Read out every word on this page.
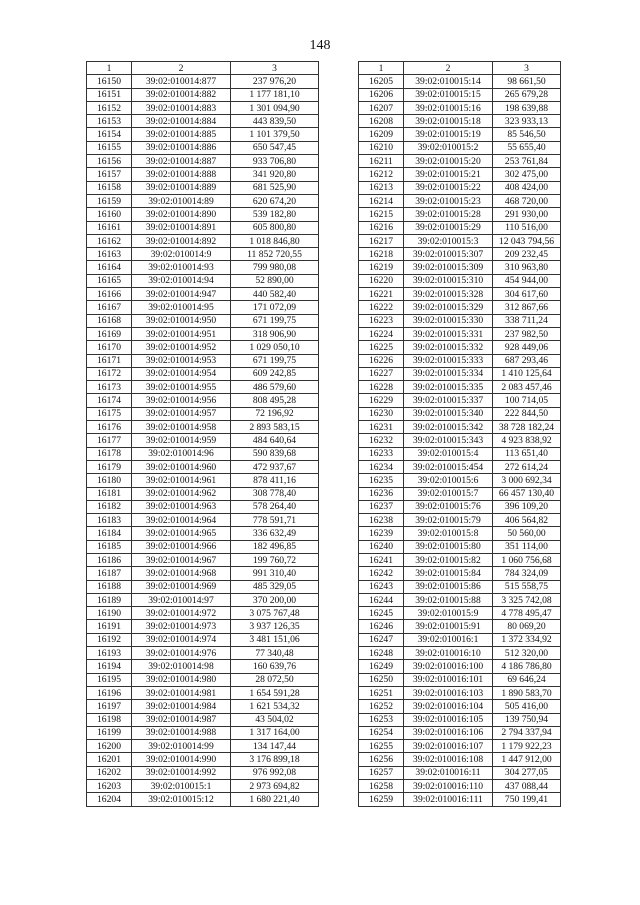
148
1	2	3
16150	39:02:010014:877	237 976,20
16151	39:02:010014:882	1 177 181,10
16152	39:02:010014:883	1 301 094,90
16153	39:02:010014:884	443 839,50
16154	39:02:010014:885	1 101 379,50
16155	39:02:010014:886	650 547,45
16156	39:02:010014:887	933 706,80
16157	39:02:010014:888	341 920,80
16158	39:02:010014:889	681 525,90
16159	39:02:010014:89	620 674,20
16160	39:02:010014:890	539 182,80
16161	39:02:010014:891	605 800,80
16162	39:02:010014:892	1 018 846,80
16163	39:02:010014:9	11 852 720,55
16164	39:02:010014:93	799 980,08
16165	39:02:010014:94	52 890,00
16166	39:02:010014:947	440 582,40
16167	39:02:010014:95	171 072,09
16168	39:02:010014:950	671 199,75
16169	39:02:010014:951	318 906,90
16170	39:02:010014:952	1 029 050,10
16171	39:02:010014:953	671 199,75
16172	39:02:010014:954	609 242,85
16173	39:02:010014:955	486 579,60
16174	39:02:010014:956	808 495,28
16175	39:02:010014:957	72 196,92
16176	39:02:010014:958	2 893 583,15
16177	39:02:010014:959	484 640,64
16178	39:02:010014:96	590 839,68
16179	39:02:010014:960	472 937,67
16180	39:02:010014:961	878 411,16
16181	39:02:010014:962	308 778,40
16182	39:02:010014:963	578 264,40
16183	39:02:010014:964	778 591,71
16184	39:02:010014:965	336 632,49
16185	39:02:010014:966	182 496,85
16186	39:02:010014:967	199 760,72
16187	39:02:010014:968	991 310,40
16188	39:02:010014:969	485 329,05
16189	39:02:010014:97	370 200,00
16190	39:02:010014:972	3 075 767,48
16191	39:02:010014:973	3 937 126,35
16192	39:02:010014:974	3 481 151,06
16193	39:02:010014:976	77 340,48
16194	39:02:010014:98	160 639,76
16195	39:02:010014:980	28 072,50
16196	39:02:010014:981	1 654 591,28
16197	39:02:010014:984	1 621 534,32
16198	39:02:010014:987	43 504,02
16199	39:02:010014:988	1 317 164,00
16200	39:02:010014:99	134 147,44
16201	39:02:010014:990	3 176 899,18
16202	39:02:010014:992	976 992,08
16203	39:02:010015:1	2 973 694,82
16204	39:02:010015:12	1 680 221,40
1	2	3
16205	39:02:010015:14	98 661,50
16206	39:02:010015:15	265 679,28
16207	39:02:010015:16	198 639,88
16208	39:02:010015:18	323 933,13
16209	39:02:010015:19	85 546,50
16210	39:02:010015:2	55 655,40
16211	39:02:010015:20	253 761,84
16212	39:02:010015:21	302 475,00
16213	39:02:010015:22	408 424,00
16214	39:02:010015:23	468 720,00
16215	39:02:010015:28	291 930,00
16216	39:02:010015:29	110 516,00
16217	39:02:010015:3	12 043 794,56
16218	39:02:010015:307	209 232,45
16219	39:02:010015:309	310 963,80
16220	39:02:010015:310	454 944,00
16221	39:02:010015:328	304 617,60
16222	39:02:010015:329	312 867,66
16223	39:02:010015:330	338 711,24
16224	39:02:010015:331	237 982,50
16225	39:02:010015:332	928 449,06
16226	39:02:010015:333	687 293,46
16227	39:02:010015:334	1 410 125,64
16228	39:02:010015:335	2 083 457,46
16229	39:02:010015:337	100 714,05
16230	39:02:010015:340	222 844,50
16231	39:02:010015:342	38 728 182,24
16232	39:02:010015:343	4 923 838,92
16233	39:02:010015:4	113 651,40
16234	39:02:010015:454	272 614,24
16235	39:02:010015:6	3 000 692,34
16236	39:02:010015:7	66 457 130,40
16237	39:02:010015:76	396 109,20
16238	39:02:010015:79	406 564,82
16239	39:02:010015:8	50 560,00
16240	39:02:010015:80	351 114,00
16241	39:02:010015:82	1 060 756,68
16242	39:02:010015:84	784 324,09
16243	39:02:010015:86	515 558,75
16244	39:02:010015:88	3 325 742,08
16245	39:02:010015:9	4 778 495,47
16246	39:02:010015:91	80 069,20
16247	39:02:010016:1	1 372 334,92
16248	39:02:010016:10	512 320,00
16249	39:02:010016:100	4 186 786,80
16250	39:02:010016:101	69 646,24
16251	39:02:010016:103	1 890 583,70
16252	39:02:010016:104	505 416,00
16253	39:02:010016:105	139 750,94
16254	39:02:010016:106	2 794 337,94
16255	39:02:010016:107	1 179 922,23
16256	39:02:010016:108	1 447 912,00
16257	39:02:010016:11	304 277,05
16258	39:02:010016:110	437 088,44
16259	39:02:010016:111	750 199,41
